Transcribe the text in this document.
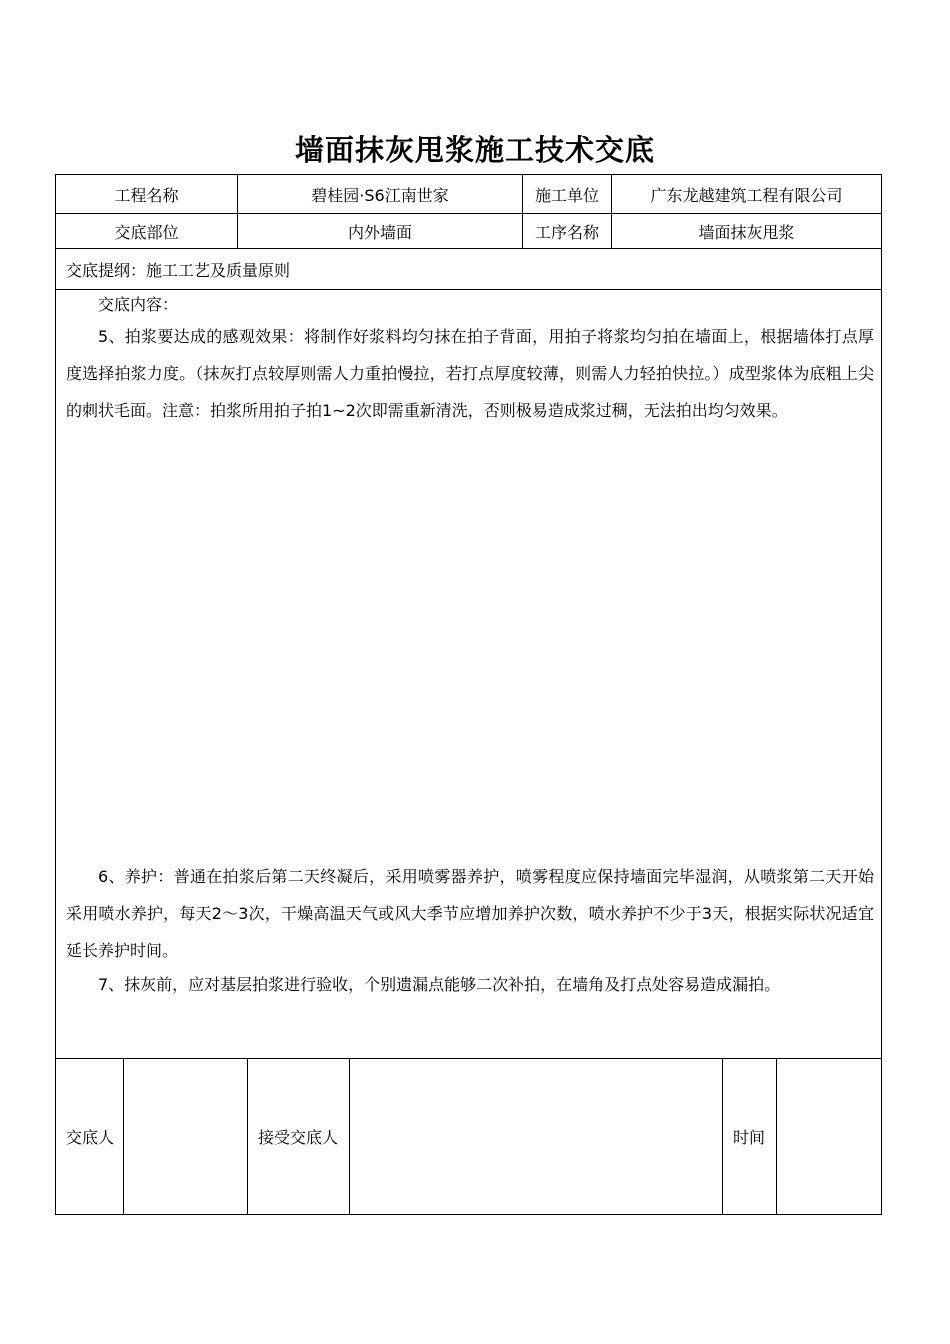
墙面抹灰甩浆施工技术交底
工程名称	碧桂园·S6江南世家	施工单位	广东龙越建筑工程有限公司
交底部位	内外墙面	工序名称	墙面抹灰甩浆
交底提纲：施工工艺及质量原则
交底内容：
5、拍浆要达成的感观效果：将制作好浆料均匀抹在拍子背面，用拍子将浆均匀拍在墙面上，根据墙体打点厚度选择拍浆力度。（抹灰打点较厚则需人力重拍慢拉，若打点厚度较薄，则需人力轻拍快拉。）成型浆体为底粗上尖的刺状毛面。注意：拍浆所用拍子拍1~2次即需重新清洗，否则极易造成浆过稠，无法拍出均匀效果。
6、养护：普通在拍浆后第二天终凝后，采用喷雾器养护，喷雾程度应保持墙面完毕湿润，从喷浆第二天开始采用喷水养护，每天2～3次，干燥高温天气或风大季节应增加养护次数，喷水养护不少于3天，根据实际状况适宜延长养护时间。
7、抹灰前，应对基层拍浆进行验收，个别遗漏点能够二次补拍，在墙角及打点处容易造成漏拍。
交底人	接受交底人	时间
